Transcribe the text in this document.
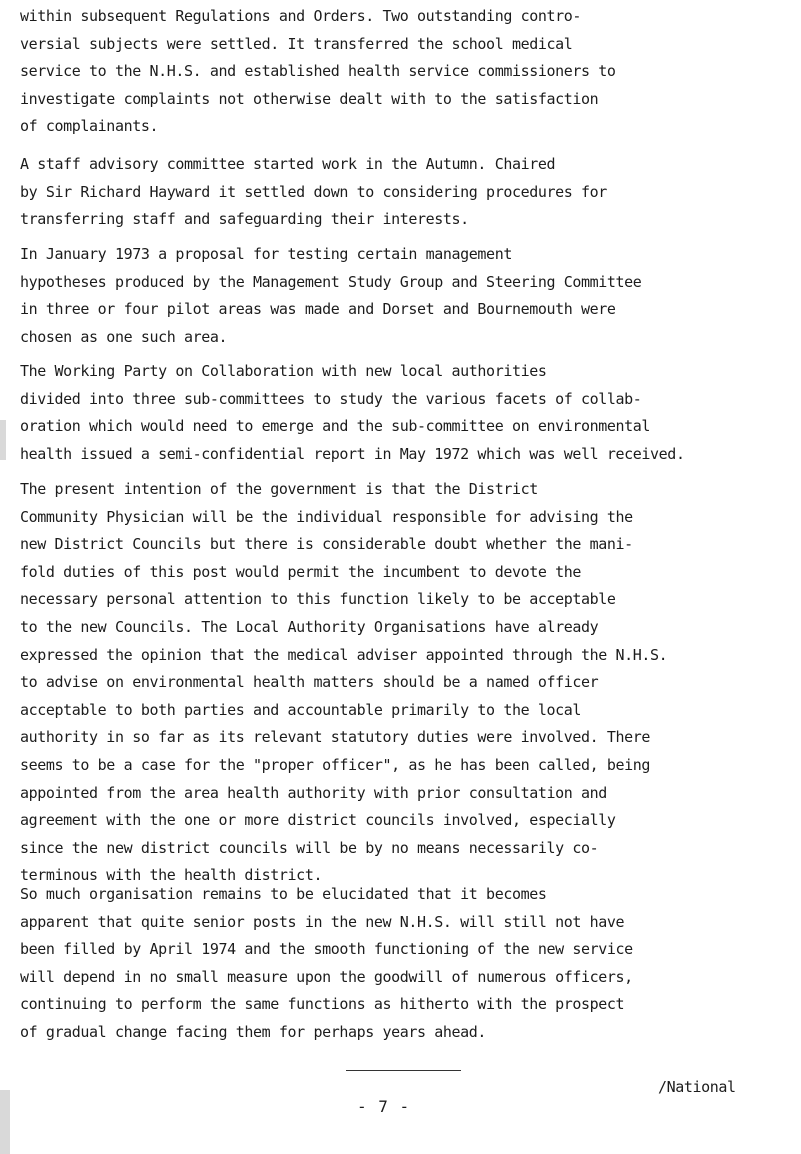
within subsequent Regulations and Orders. Two outstanding contro-
versial subjects were settled. It transferred the school medical
service to the N.H.S. and established health service commissioners to
investigate complaints not otherwise dealt with to the satisfaction
of complainants.

A staff advisory committee started work in the Autumn. Chaired
by Sir Richard Hayward it settled down to considering procedures for
transferring staff and safeguarding their interests.

In January 1973 a proposal for testing certain management
hypotheses produced by the Management Study Group and Steering Committee
in three or four pilot areas was made and Dorset and Bournemouth were
chosen as one such area.

The Working Party on Collaboration with new local authorities
divided into three sub-committees to study the various facets of collab-
oration which would need to emerge and the sub-committee on environmental
health issued a semi-confidential report in May 1972 which was well received.

The present intention of the government is that the District
Community Physician will be the individual responsible for advising the
new District Councils but there is considerable doubt whether the mani-
fold duties of this post would permit the incumbent to devote the
necessary personal attention to this function likely to be acceptable
to the new Councils. The Local Authority Organisations have already
expressed the opinion that the medical adviser appointed through the N.H.S.
to advise on environmental health matters should be a named officer
acceptable to both parties and accountable primarily to the local
authority in so far as its relevant statutory duties were involved. There
seems to be a case for the "proper officer", as he has been called, being
appointed from the area health authority with prior consultation and
agreement with the one or more district councils involved, especially
since the new district councils will be by no means necessarily co-
terminous with the health district.

So much organisation remains to be elucidated that it becomes
apparent that quite senior posts in the new N.H.S. will still not have
been filled by April 1974 and the smooth functioning of the new service
will depend in no small measure upon the goodwill of numerous officers,
continuing to perform the same functions as hitherto with the prospect
of gradual change facing them for perhaps years ahead.

/National
- 7 -
